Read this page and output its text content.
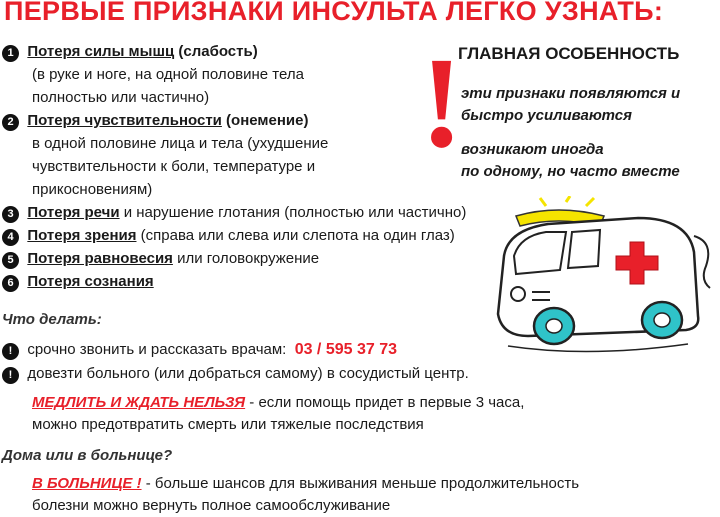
ПЕРВЫЕ ПРИЗНАКИ ИНСУЛЬТА ЛЕГКО УЗНАТЬ:
1 Потеря силы мышц (слабость)
(в руке и ноге, на одной половине тела
полностью или частично)
2 Потеря чувствительности (онемение)
в одной половине лица и тела (ухудшение
чувствительности к боли, температуре и
прикосновениям)
3 Потеря речи и нарушение глотания (полностью или частично)
4 Потеря зрения (справа или слева или слепота на один глаз)
5 Потеря равновесия или головокружение
6 Потеря сознания
!
ГЛАВНАЯ ОСОБЕННОСТЬ
эти признаки появляются и
быстро усиливаются
возникают иногда
по одному, но часто вместе
Что делать:
! срочно звонить и рассказать врачам: 03 / 595 37 73
! довезти больного (или добраться самому) в сосудистый центр.
МЕДЛИТЬ И ЖДАТЬ НЕЛЬЗЯ - если помощь придет в первые 3 часа,
можно предотвратить смерть или тяжелые последствия
Дома или в больнице?
В БОЛЬНИЦЕ ! - больше шансов для выживания меньше продолжительность
болезни можно вернуть полное самообслуживание
